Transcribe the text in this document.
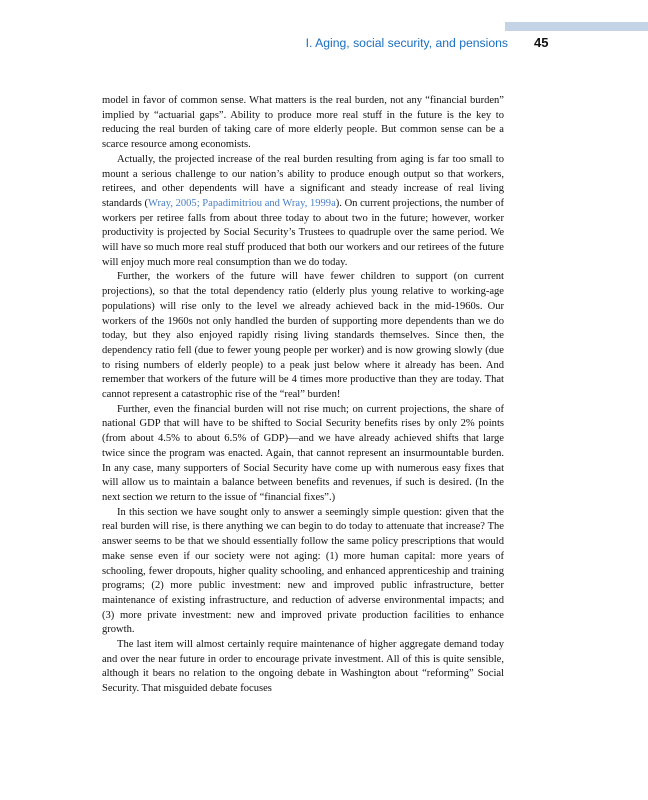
I. Aging, social security, and pensions 45

model in favor of common sense. What matters is the real burden, not any “financial burden” implied by “actuarial gaps”. Ability to produce more real stuff in the future is the key to reducing the real burden of taking care of more elderly people. But common sense can be a scarce resource among economists.

Actually, the projected increase of the real burden resulting from aging is far too small to mount a serious challenge to our nation’s ability to produce enough output so that workers, retirees, and other dependents will have a significant and steady increase of real living standards (Wray, 2005; Papadimitriou and Wray, 1999a). On current projections, the number of workers per retiree falls from about three today to about two in the future; however, worker productivity is projected by Social Security’s Trustees to quadruple over the same period. We will have so much more real stuff produced that both our workers and our retirees of the future will enjoy much more real consumption than we do today.

Further, the workers of the future will have fewer children to support (on current projections), so that the total dependency ratio (elderly plus young relative to working-age populations) will rise only to the level we already achieved back in the mid-1960s. Our workers of the 1960s not only handled the burden of supporting more dependents than we do today, but they also enjoyed rapidly rising living standards themselves. Since then, the dependency ratio fell (due to fewer young people per worker) and is now growing slowly (due to rising numbers of elderly people) to a peak just below where it already has been. And remember that workers of the future will be 4 times more productive than they are today. That cannot represent a catastrophic rise of the “real” burden!

Further, even the financial burden will not rise much; on current projections, the share of national GDP that will have to be shifted to Social Security benefits rises by only 2% points (from about 4.5% to about 6.5% of GDP)—and we have already achieved shifts that large twice since the program was enacted. Again, that cannot represent an insurmountable burden. In any case, many supporters of Social Security have come up with numerous easy fixes that will allow us to maintain a balance between benefits and revenues, if such is desired. (In the next section we return to the issue of “financial fixes”.)

In this section we have sought only to answer a seemingly simple question: given that the real burden will rise, is there anything we can begin to do today to attenuate that increase? The answer seems to be that we should essentially follow the same policy prescriptions that would make sense even if our society were not aging: (1) more human capital: more years of schooling, fewer dropouts, higher quality schooling, and enhanced apprenticeship and training programs; (2) more public investment: new and improved public infrastructure, better maintenance of existing infrastructure, and reduction of adverse environmental impacts; and (3) more private investment: new and improved private production facilities to enhance growth.

The last item will almost certainly require maintenance of higher aggregate demand today and over the near future in order to encourage private investment. All of this is quite sensible, although it bears no relation to the ongoing debate in Washington about “reforming” Social Security. That misguided debate focuses
